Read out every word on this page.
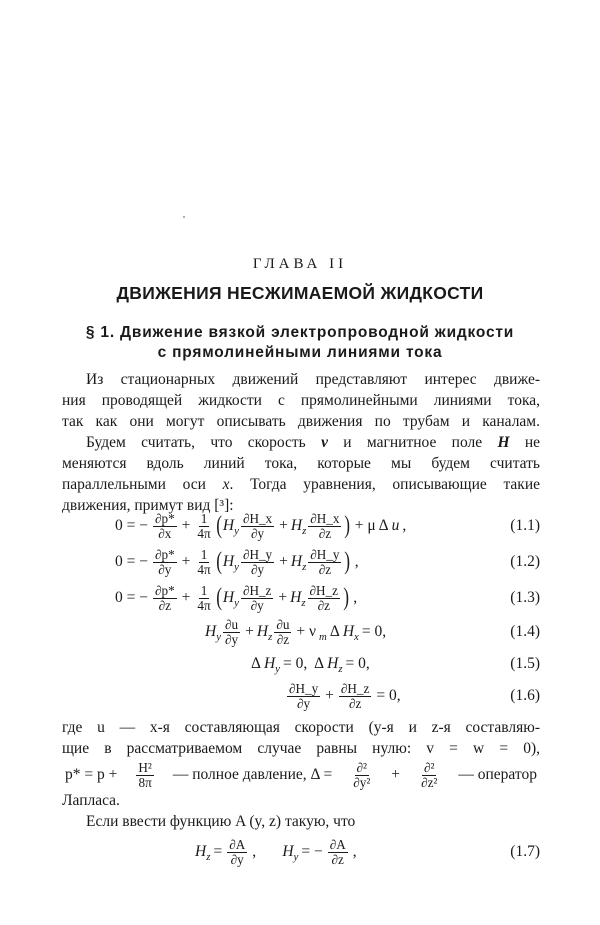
ГЛАВА II
ДВИЖЕНИЯ НЕСЖИМАЕМОЙ ЖИДКОСТИ
§ 1. Движение вязкой электропроводной жидкости
с прямолинейными линиями тока
Из стационарных движений представляют интерес движе-
ния проводящей жидкости с прямолинейными линиями тока,
так как они могут описывать движения по трубам и каналам.
Будем считать, что скорость v и магнитное поле H не
меняются вдоль линий тока, которые мы будем считать
параллельными оси x. Тогда уравнения, описывающие такие
движения, примут вид [³]:
0 = − $\frac{\partial p*}{\partial x} + \frac{1}{4\pi}$ ( $H_y \frac{\partial H\_x}{\partial y} + H_z \frac{\partial H\_x}{\partial z}$ ) + μ Δ u ,
0 = − $\frac{\partial p*}{\partial y} + \frac{1}{4\pi}$ ( $H_y \frac{\partial H\_y}{\partial y} + H_z \frac{\partial H\_y}{\partial z}$ ) ,
0 = − $\frac{\partial p*}{\partial z} + \frac{1}{4\pi}$ ( $H_y \frac{\partial H\_z}{\partial y} + H_z \frac{\partial H\_z}{\partial z}$ ) ,
$H_y \frac{\partial u}{\partial y} + H_z \frac{\partial u}{\partial z} + \nu$ $_m$ Δ $H_x = 0$,
Δ $H_y = 0$,  Δ $H_z = 0$,
$\frac{\partial H\_y}{\partial y} + \frac{\partial H\_z}{\partial z} = 0$,
$H_z = \frac{\partial A}{\partial y}$ , $H_y$ = − $\frac{\partial A}{\partial z}$ ,
(1.1)
(1.2)
(1.3)
(1.4)
(1.5)
(1.6)
(1.7)
где u — x-я составляющая скорости (y-я и z-я составляю-
щие в рассматриваемом случае равны нулю: v = w = 0),
$p* = p + \frac{\text{H²}}{8\pi}$ — полное давление, $\Delta = \frac{\text{∂²}}{\text{∂y²}} + \frac{\text{∂²}}{\text{∂z²}}$ — оператор
Лапласа.
Если ввести функцию A (y, z) такую, что
